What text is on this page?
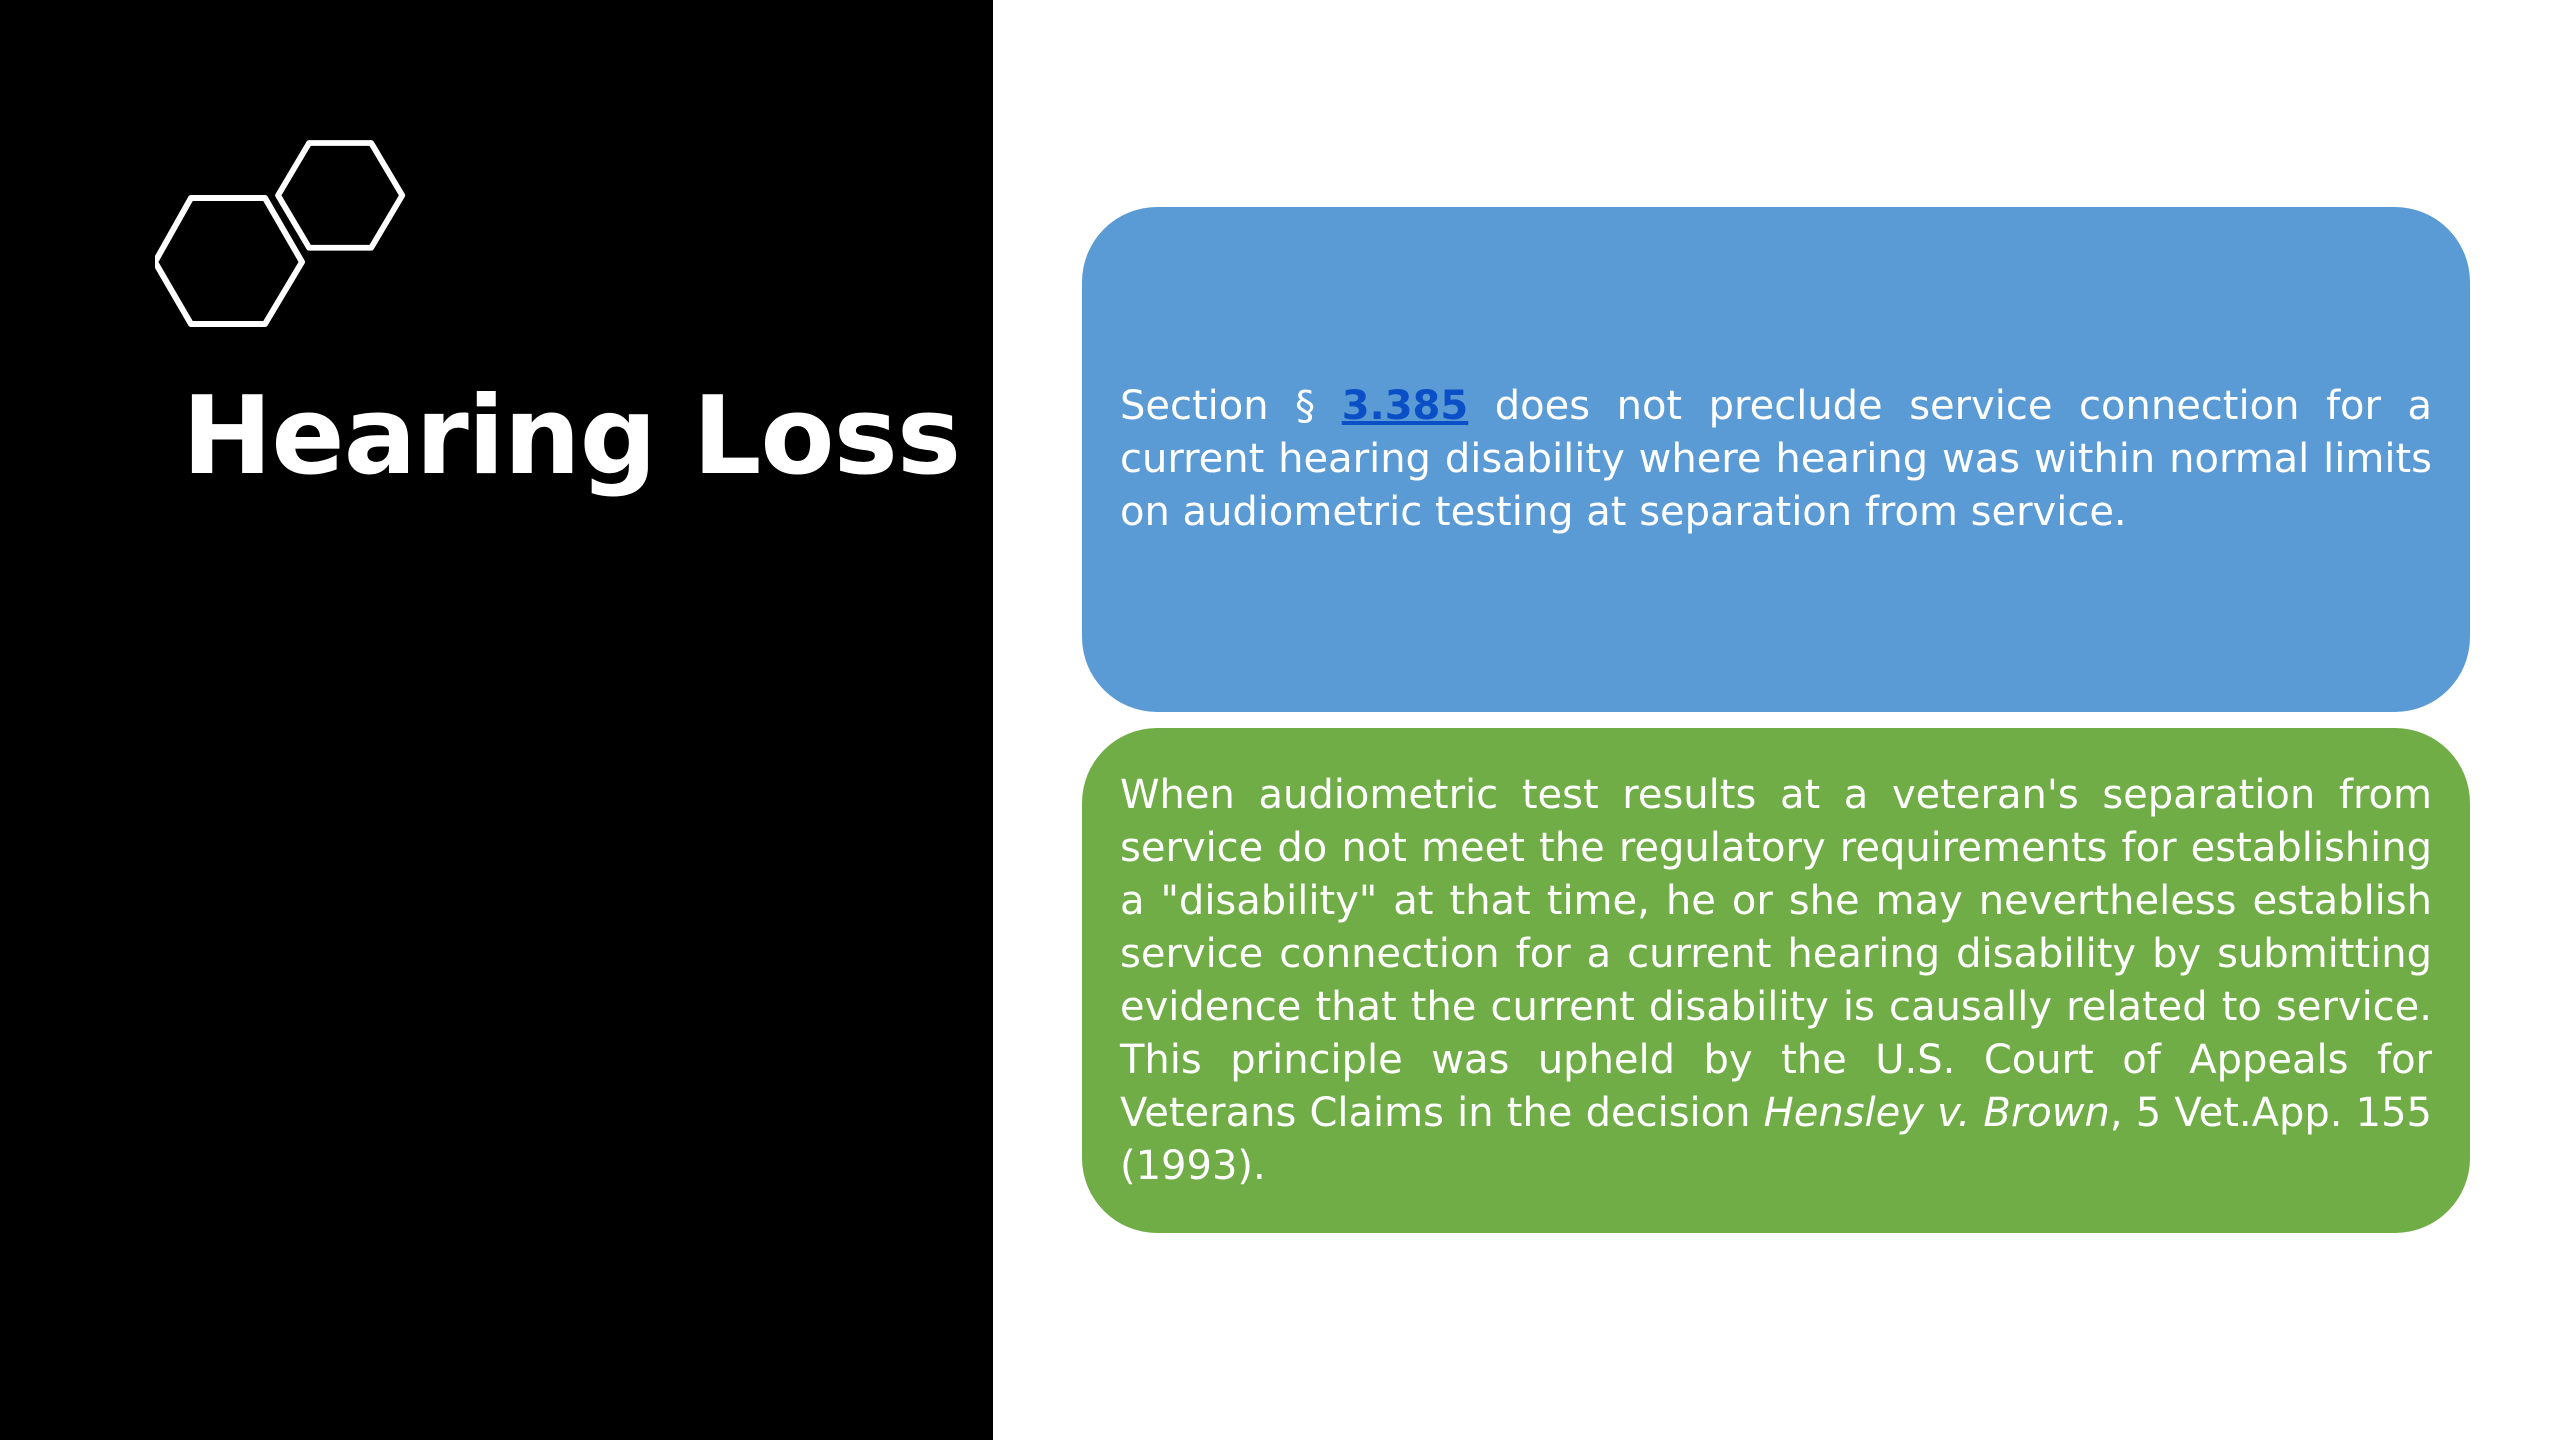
Hearing Loss	Section § 3.385 does not preclude service connection for a current hearing disability where hearing was within normal limits on audiometric testing at separation from service.

When audiometric test results at a veteran's separation from service do not meet the regulatory requirements for establishing a "disability" at that time, he or she may nevertheless establish service connection for a current hearing disability by submitting evidence that the current disability is causally related to service. This principle was upheld by the U.S. Court of Appeals for Veterans Claims in the decision Hensley v. Brown, 5 Vet.App. 155 (1993).
